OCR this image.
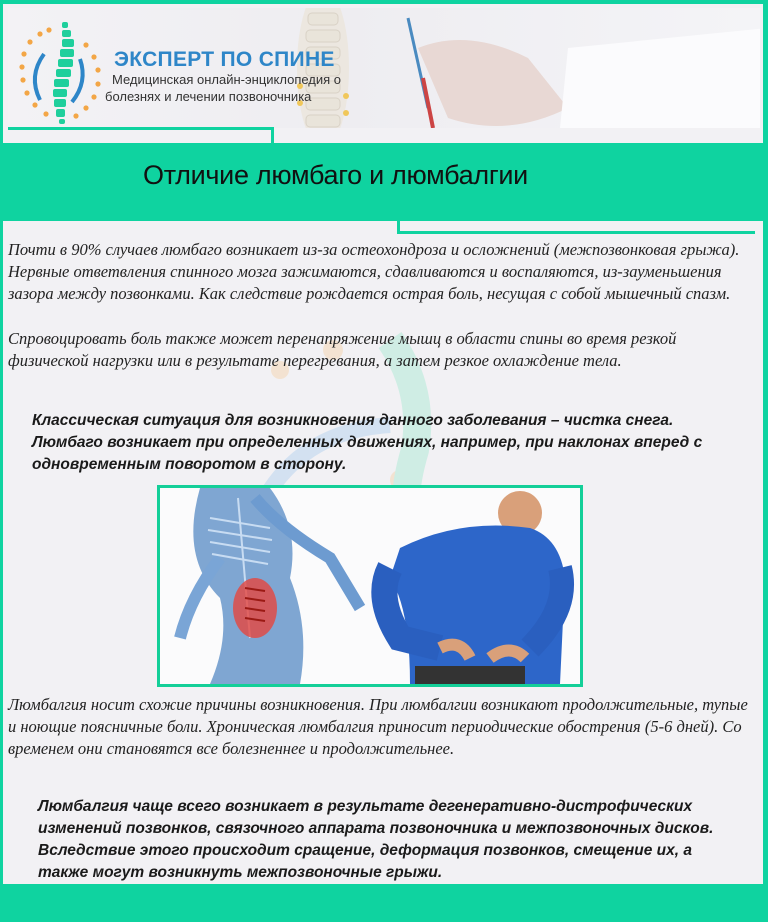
ЭКСПЕРТ ПО СПИНЕ
Медицинская онлайн-энциклопедия о
болезнях и лечении позвоночника
Отличие люмбаго и люмбалгии
Почти в 90% случаев люмбаго возникает из-за остеохондроза и осложнений (межпозвонковая грыжа). Нервные ответвления спинного мозга зажимаются, сдавливаются и воспаляются, из-зауменьшения зазора между позвонками. Как следствие рождается острая боль, несущая с собой мышечный спазм.
Спровоцировать боль также может перенапряжение мышц в области спины во время резкой физической нагрузки или в результате перегревания, а затем резкое охлаждение тела.
Классическая ситуация для возникновения данного заболевания – чистка снега. Люмбаго возникает при определенных движениях, например, при наклонах вперед с одновременным поворотом в сторону.
Люмбалгия носит схожие причины возникновения. При люмбалгии возникают продолжительные, тупые и ноющие поясничные боли. Хроническая люмбалгия приносит периодические обострения (5-6 дней). Со временем они становятся все болезненнее и продолжительнее.
Люмбалгия чаще всего возникает в результате дегенеративно-дистрофических изменений позвонков, связочного аппарата позвоночника и межпозвоночных дисков. Вследствие этого происходит сращение, деформация позвонков, смещение их, а также могут возникнуть межпозвоночные грыжи.
